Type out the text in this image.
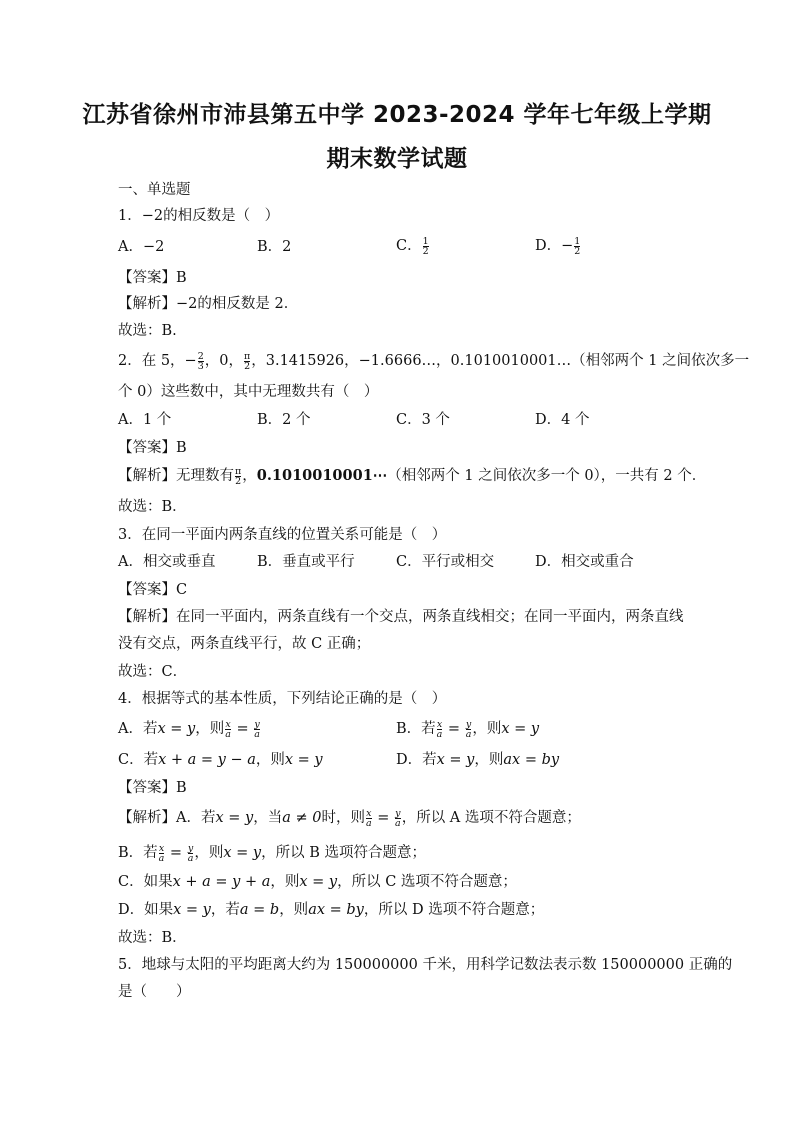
江苏省徐州市沛县第五中学 2023-2024 学年七年级上学期
期末数学试题
一、单选题
1．−2的相反数是（　）
A．−2	B．2	C． $\frac{1}{2}$	D．− $\frac{1}{2}$
【答案】B
【解析】−2的相反数是 2．
故选：B.
2．在 5，− $\frac{2}{3}$ ，0， $\frac{\pi}{2}$ ，3.1415926，−1.6666…，0.1010010001…（相邻两个 1 之间依次多一
个 0）这些数中，其中无理数共有（　）
A．1 个	B．2 个	C．3 个	D．4 个
【答案】B
【解析】无理数有 $\frac{\pi}{2}$ ，0.1010010001⋯（相邻两个 1 之间依次多一个 0），一共有 2 个．
故选：B．
3．在同一平面内两条直线的位置关系可能是（　）
A．相交或垂直	B．垂直或平行	C．平行或相交	D．相交或重合
【答案】C
【解析】在同一平面内，两条直线有一个交点，两条直线相交；在同一平面内，两条直线
没有交点，两条直线平行，故 C 正确；
故选：C．
4．根据等式的基本性质，下列结论正确的是（　）
A．若x = y，则 $\frac{x}{a} = \frac{y}{a}$	B．若 $\frac{x}{a} = \frac{y}{a}$ ，则x = y
C．若x + a = y − a，则x = y	D．若x = y，则ax = by
【答案】B
【解析】A．若x = y，当a ≠ 0时，则 $\frac{x}{a} = \frac{y}{a}$ ，所以 A 选项不符合题意；
B．若 $\frac{x}{a} = \frac{y}{a}$ ，则x = y，所以 B 选项符合题意；
C．如果x + a = y + a，则x = y，所以 C 选项不符合题意；
D．如果x = y，若a = b，则ax = by，所以 D 选项不符合题意；
故选：B．
5．地球与太阳的平均距离大约为 150000000 千米，用科学记数法表示数 150000000 正确的
是（　　）
